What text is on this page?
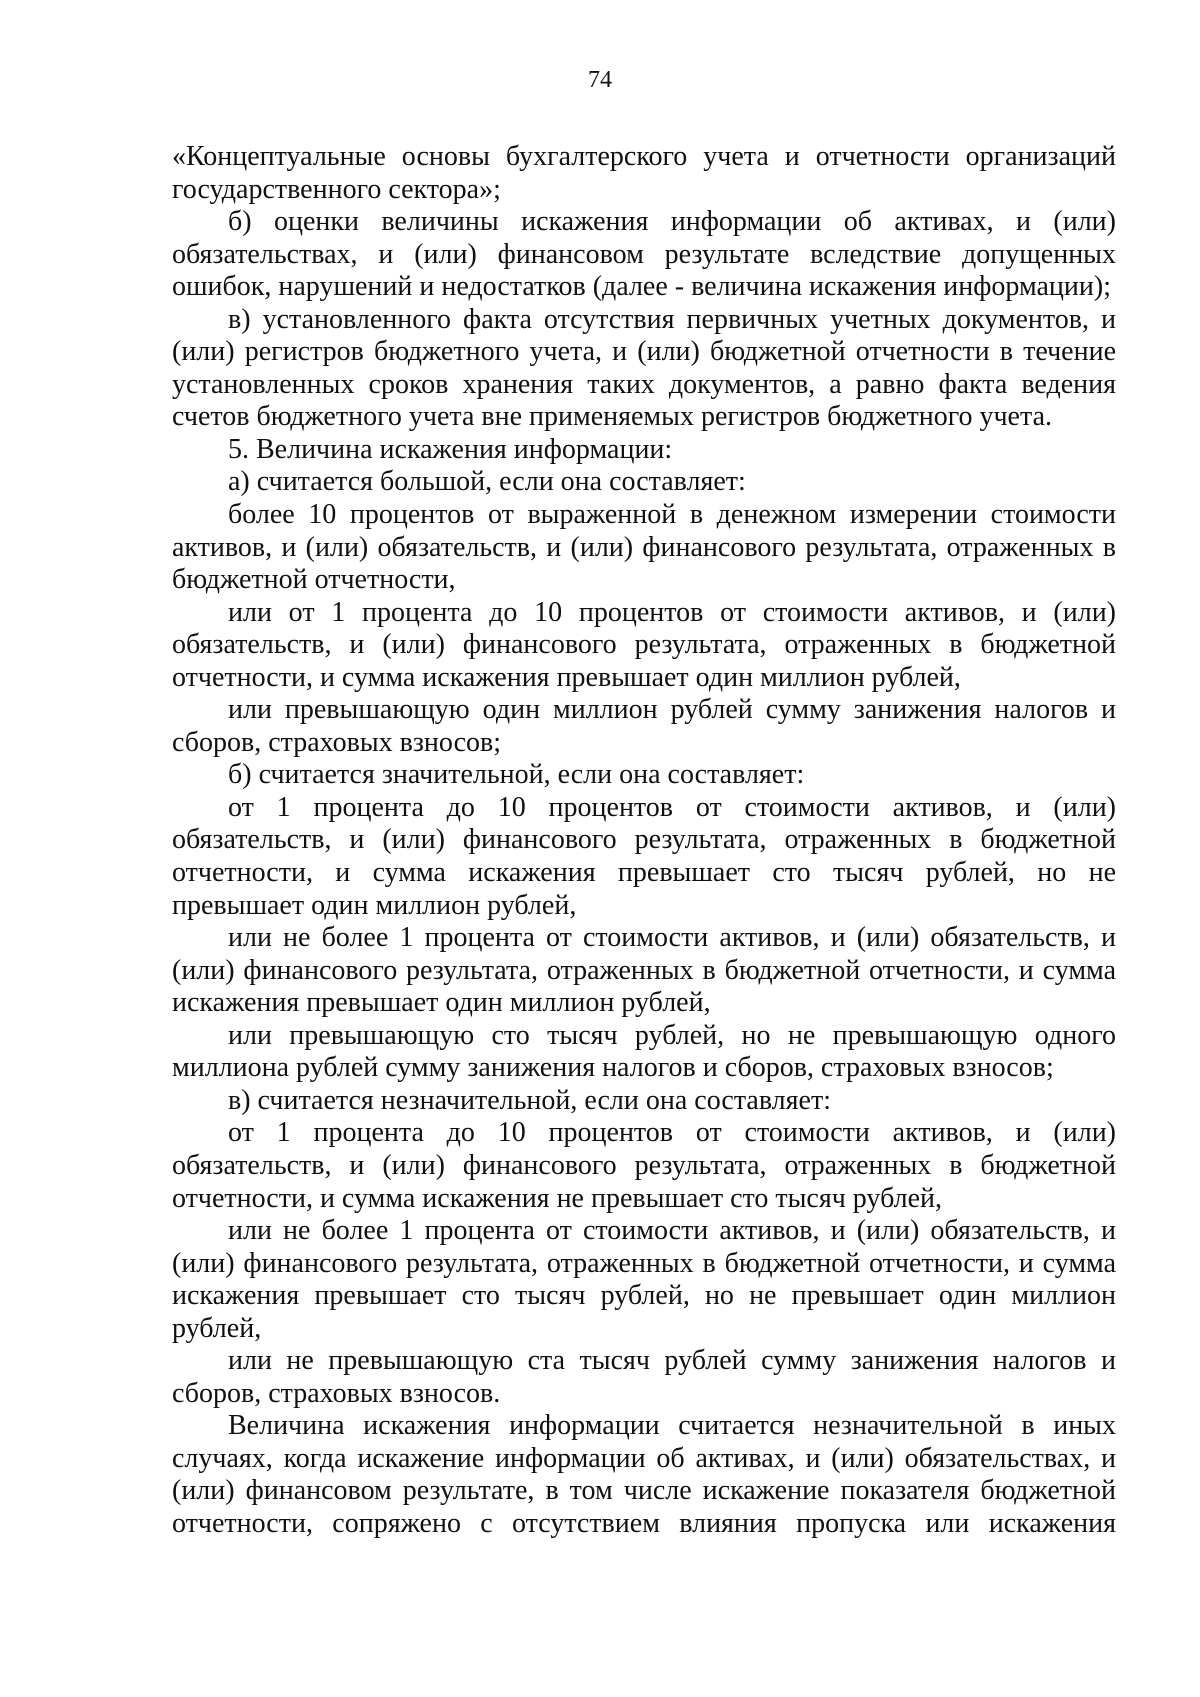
74

«Концептуальные основы бухгалтерского учета и отчетности организаций государственного сектора»;

б) оценки величины искажения информации об активах, и (или) обязательствах, и (или) финансовом результате вследствие допущенных ошибок, нарушений и недостатков (далее - величина искажения информации);

в) установленного факта отсутствия первичных учетных документов, и (или) регистров бюджетного учета, и (или) бюджетной отчетности в течение установленных сроков хранения таких документов, а равно факта ведения счетов бюджетного учета вне применяемых регистров бюджетного учета.

5. Величина искажения информации:

а) считается большой, если она составляет:

более 10 процентов от выраженной в денежном измерении стоимости активов, и (или) обязательств, и (или) финансового результата, отраженных в бюджетной отчетности,

или от 1 процента до 10 процентов от стоимости активов, и (или) обязательств, и (или) финансового результата, отраженных в бюджетной отчетности, и сумма искажения превышает один миллион рублей,

или превышающую один миллион рублей сумму занижения налогов и сборов, страховых взносов;

б) считается значительной, если она составляет:

от 1 процента до 10 процентов от стоимости активов, и (или) обязательств, и (или) финансового результата, отраженных в бюджетной отчетности, и сумма искажения превышает сто тысяч рублей, но не превышает один миллион рублей,

или не более 1 процента от стоимости активов, и (или) обязательств, и (или) финансового результата, отраженных в бюджетной отчетности, и сумма искажения превышает один миллион рублей,

или превышающую сто тысяч рублей, но не превышающую одного миллиона рублей сумму занижения налогов и сборов, страховых взносов;

в) считается незначительной, если она составляет:

от 1 процента до 10 процентов от стоимости активов, и (или) обязательств, и (или) финансового результата, отраженных в бюджетной отчетности, и сумма искажения не превышает сто тысяч рублей,

или не более 1 процента от стоимости активов, и (или) обязательств, и (или) финансового результата, отраженных в бюджетной отчетности, и сумма искажения превышает сто тысяч рублей, но не превышает один миллион рублей,

или не превышающую ста тысяч рублей сумму занижения налогов и сборов, страховых взносов.

Величина искажения информации считается незначительной в иных случаях, когда искажение информации об активах, и (или) обязательствах, и (или) финансовом результате, в том числе искажение показателя бюджетной отчетности, сопряжено с отсутствием влияния пропуска или искажения
